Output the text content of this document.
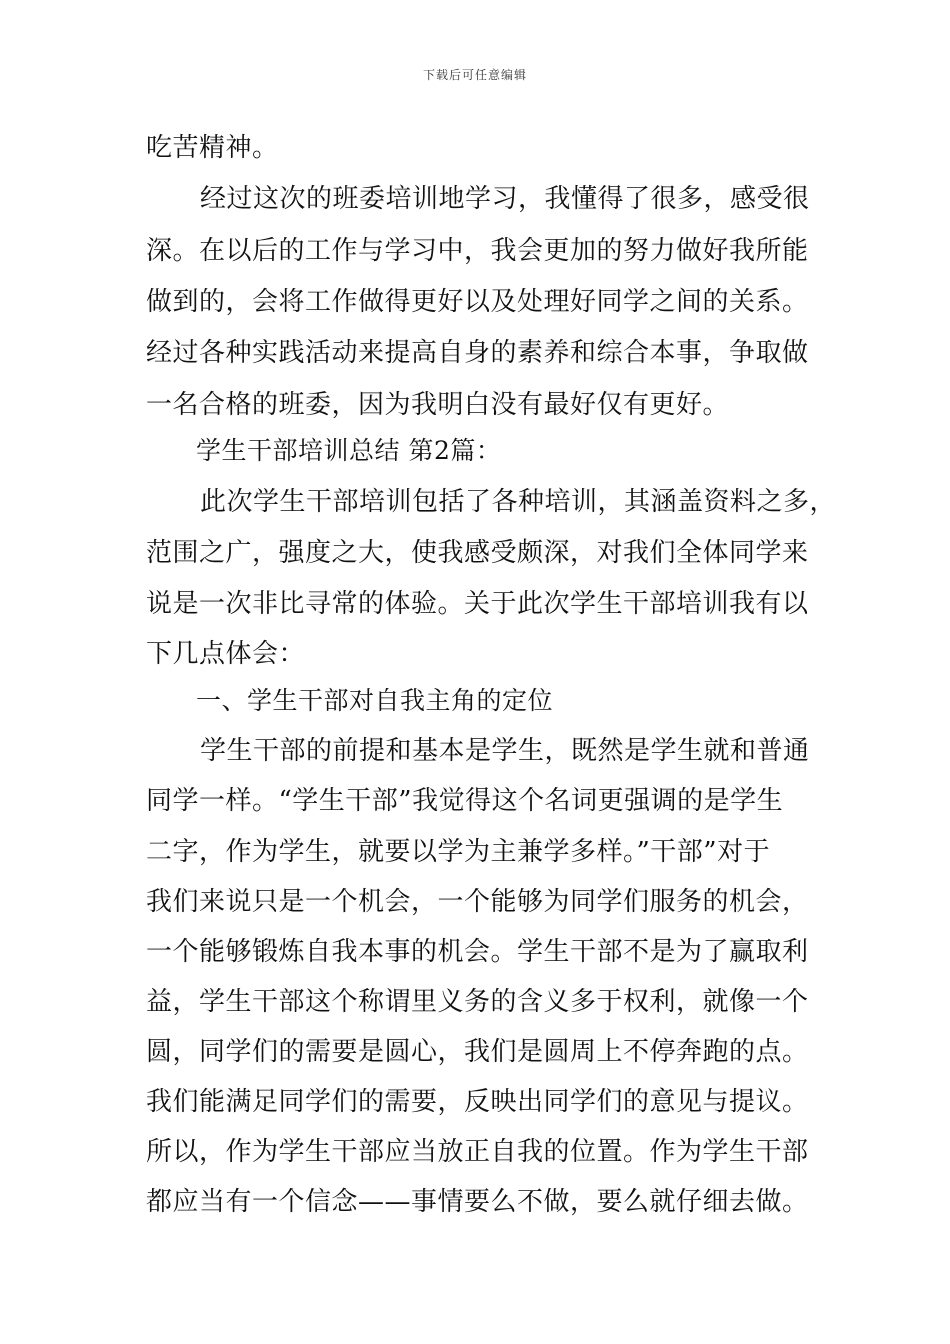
下载后可任意编辑
吃苦精神。
经过这次的班委培训地学习，我懂得了很多，感受很
深。在以后的工作与学习中，我会更加的努力做好我所能
做到的，会将工作做得更好以及处理好同学之间的关系。
经过各种实践活动来提高自身的素养和综合本事，争取做
一名合格的班委，因为我明白没有最好仅有更好。
学生干部培训总结 第2篇：
此次学生干部培训包括了各种培训，其涵盖资料之多，
范围之广，强度之大，使我感受颇深，对我们全体同学来
说是一次非比寻常的体验。关于此次学生干部培训我有以
下几点体会：
一、学生干部对自我主角的定位
学生干部的前提和基本是学生，既然是学生就和普通
同学一样。“学生干部”我觉得这个名词更强调的是学生
二字，作为学生，就要以学为主兼学多样。”干部”对于
我们来说只是一个机会，一个能够为同学们服务的机会，
一个能够锻炼自我本事的机会。学生干部不是为了赢取利
益，学生干部这个称谓里义务的含义多于权利，就像一个
圆，同学们的需要是圆心，我们是圆周上不停奔跑的点。
我们能满足同学们的需要，反映出同学们的意见与提议。
所以，作为学生干部应当放正自我的位置。作为学生干部
都应当有一个信念——事情要么不做，要么就仔细去做。
